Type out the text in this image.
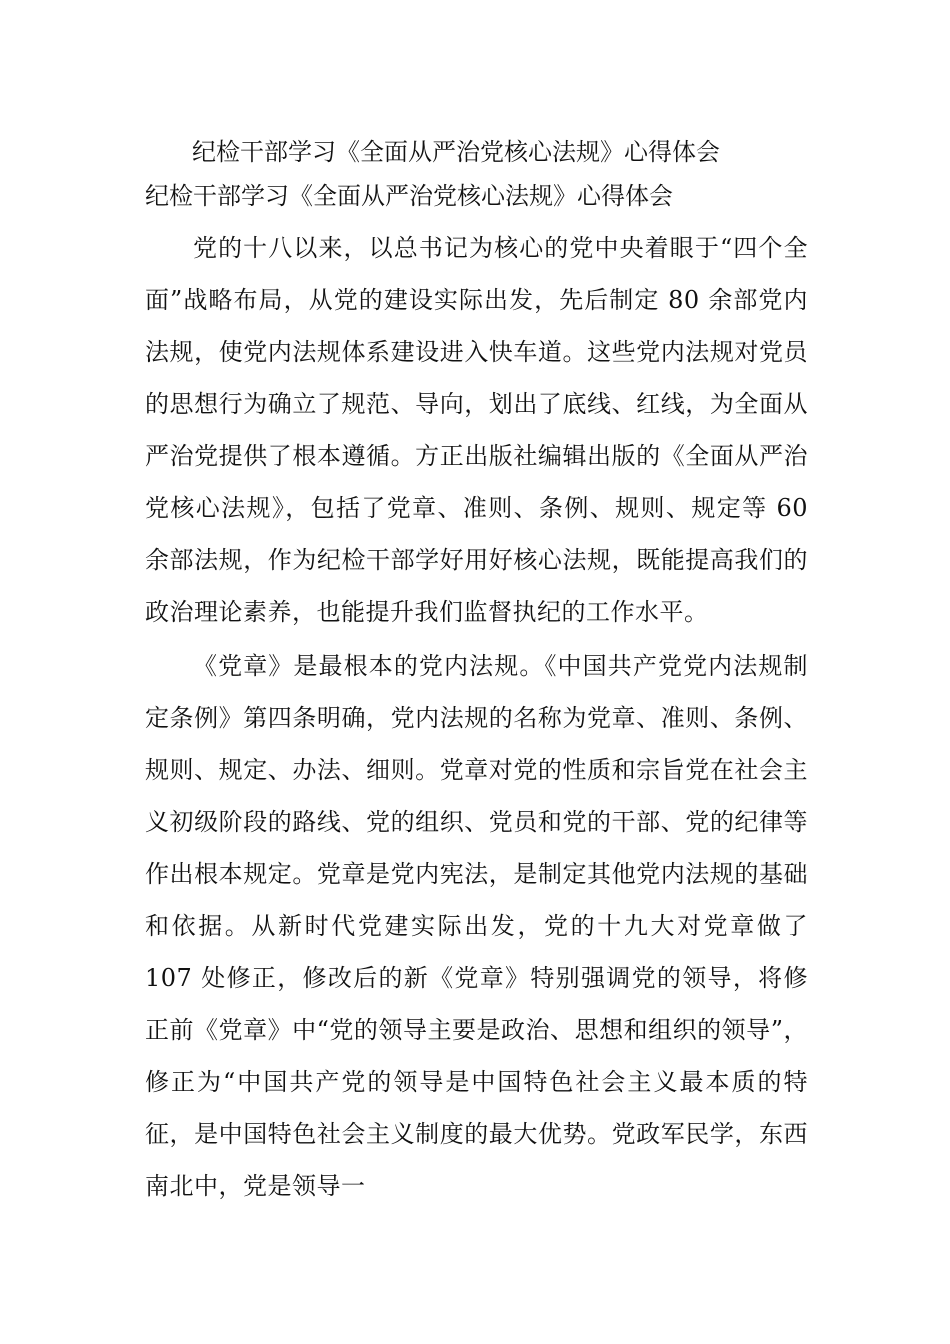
纪检干部学习《全面从严治党核心法规》心得体会
纪检干部学习《全面从严治党核心法规》心得体会

党的十八以来，以总书记为核心的党中央着眼于“四个全面”战略布局，从党的建设实际出发，先后制定 80 余部党内法规，使党内法规体系建设进入快车道。这些党内法规对党员的思想行为确立了规范、导向，划出了底线、红线，为全面从严治党提供了根本遵循。方正出版社编辑出版的《全面从严治党核心法规》，包括了党章、准则、条例、规则、规定等 60 余部法规，作为纪检干部学好用好核心法规，既能提高我们的政治理论素养，也能提升我们监督执纪的工作水平。

《党章》是最根本的党内法规。《中国共产党党内法规制定条例》第四条明确，党内法规的名称为党章、准则、条例、规则、规定、办法、细则。党章对党的性质和宗旨党在社会主义初级阶段的路线、党的组织、党员和党的干部、党的纪律等作出根本规定。党章是党内宪法，是制定其他党内法规的基础和依据。从新时代党建实际出发，党的十九大对党章做了 107 处修正，修改后的新《党章》特别强调党的领导，将修正前《党章》中“党的领导主要是政治、思想和组织的领导”，修正为“中国共产党的领导是中国特色社会主义最本质的特征，是中国特色社会主义制度的最大优势。党政军民学，东西南北中，党是领导一
